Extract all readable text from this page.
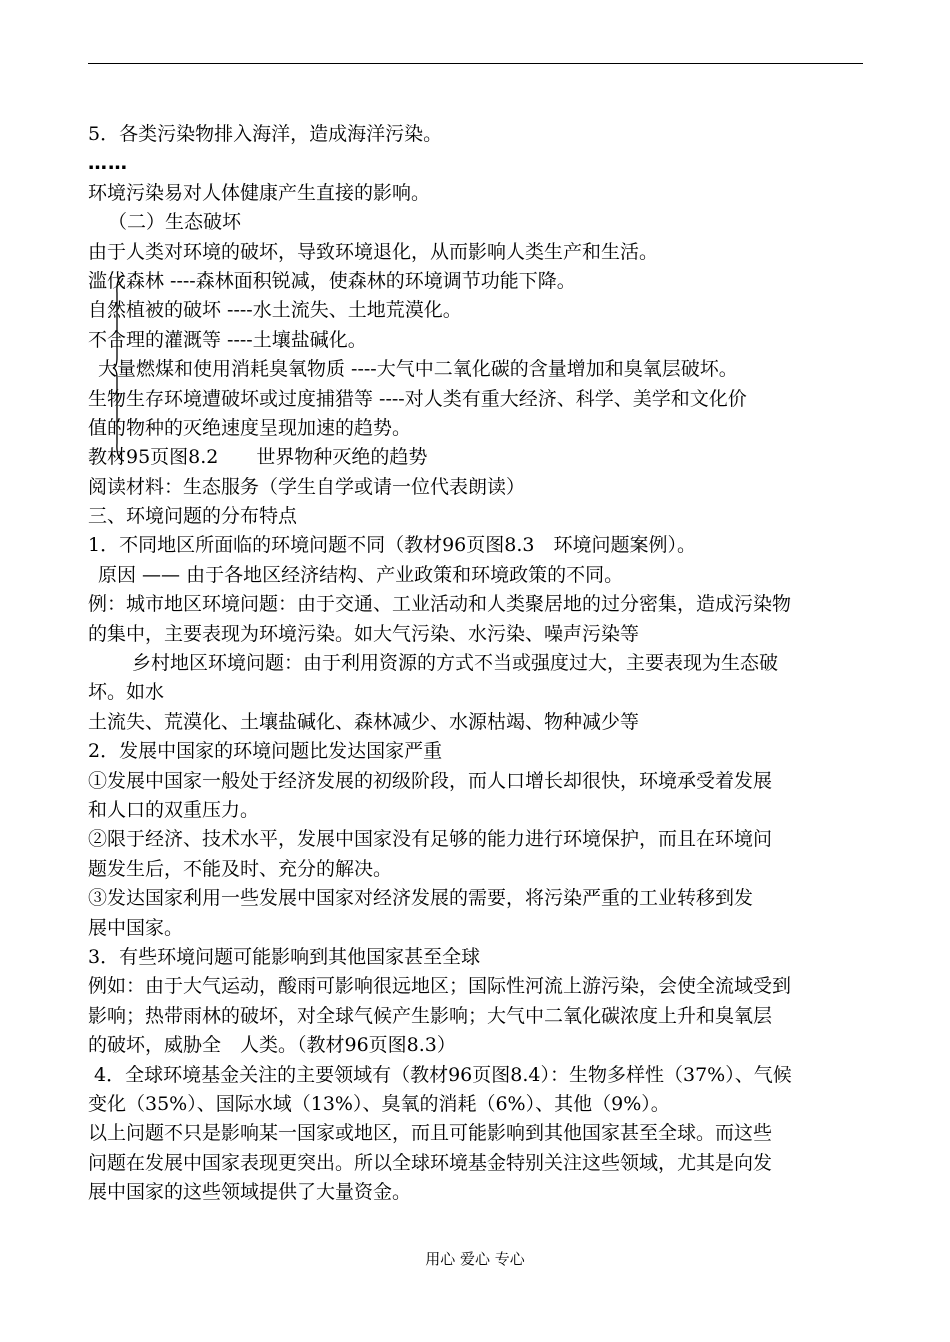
5．各类污染物排入海洋，造成海洋污染。
……
环境污染易对人体健康产生直接的影响。
（二）生态破坏
由于人类对环境的破坏，导致环境退化，从而影响人类生产和生活。
滥伐森林 ----森林面积锐减，使森林的环境调节功能下降。
自然植被的破坏 ----水土流失、土地荒漠化。
不合理的灌溉等 ----土壤盐碱化。
大量燃煤和使用消耗臭氧物质 ----大气中二氧化碳的含量增加和臭氧层破坏。
生物生存环境遭破坏或过度捕猎等 ----对人类有重大经济、科学、美学和文化价
值的物种的灭绝速度呈现加速的趋势。
教材95页图8.2　　世界物种灭绝的趋势
阅读材料：生态服务（学生自学或请一位代表朗读）
三、环境问题的分布特点
1．不同地区所面临的环境问题不同（教材96页图8.3　环境问题案例）。
原因 —— 由于各地区经济结构、产业政策和环境政策的不同。
例：城市地区环境问题：由于交通、工业活动和人类聚居地的过分密集，造成污染物
的集中，主要表现为环境污染。如大气污染、水污染、噪声污染等
乡村地区环境问题：由于利用资源的方式不当或强度过大，主要表现为生态破
坏。如水
土流失、荒漠化、土壤盐碱化、森林减少、水源枯竭、物种减少等
2．发展中国家的环境问题比发达国家严重
①发展中国家一般处于经济发展的初级阶段，而人口增长却很快，环境承受着发展
和人口的双重压力。
②限于经济、技术水平，发展中国家没有足够的能力进行环境保护，而且在环境问
题发生后，不能及时、充分的解决。
③发达国家利用一些发展中国家对经济发展的需要，将污染严重的工业转移到发
展中国家。
3．有些环境问题可能影响到其他国家甚至全球
例如：由于大气运动，酸雨可影响很远地区；国际性河流上游污染，会使全流域受到
影响；热带雨林的破坏，对全球气候产生影响；大气中二氧化碳浓度上升和臭氧层
的破坏，威胁全　人类。（教材96页图8.3）
4．全球环境基金关注的主要领域有（教材96页图8.4）：生物多样性（37%）、气候
变化（35%）、国际水域（13%）、臭氧的消耗（6%）、其他（9%）。
以上问题不只是影响某一国家或地区，而且可能影响到其他国家甚至全球。而这些
问题在发展中国家表现更突出。所以全球环境基金特别关注这些领域，尤其是向发
展中国家的这些领域提供了大量资金。
用心 爱心 专心
